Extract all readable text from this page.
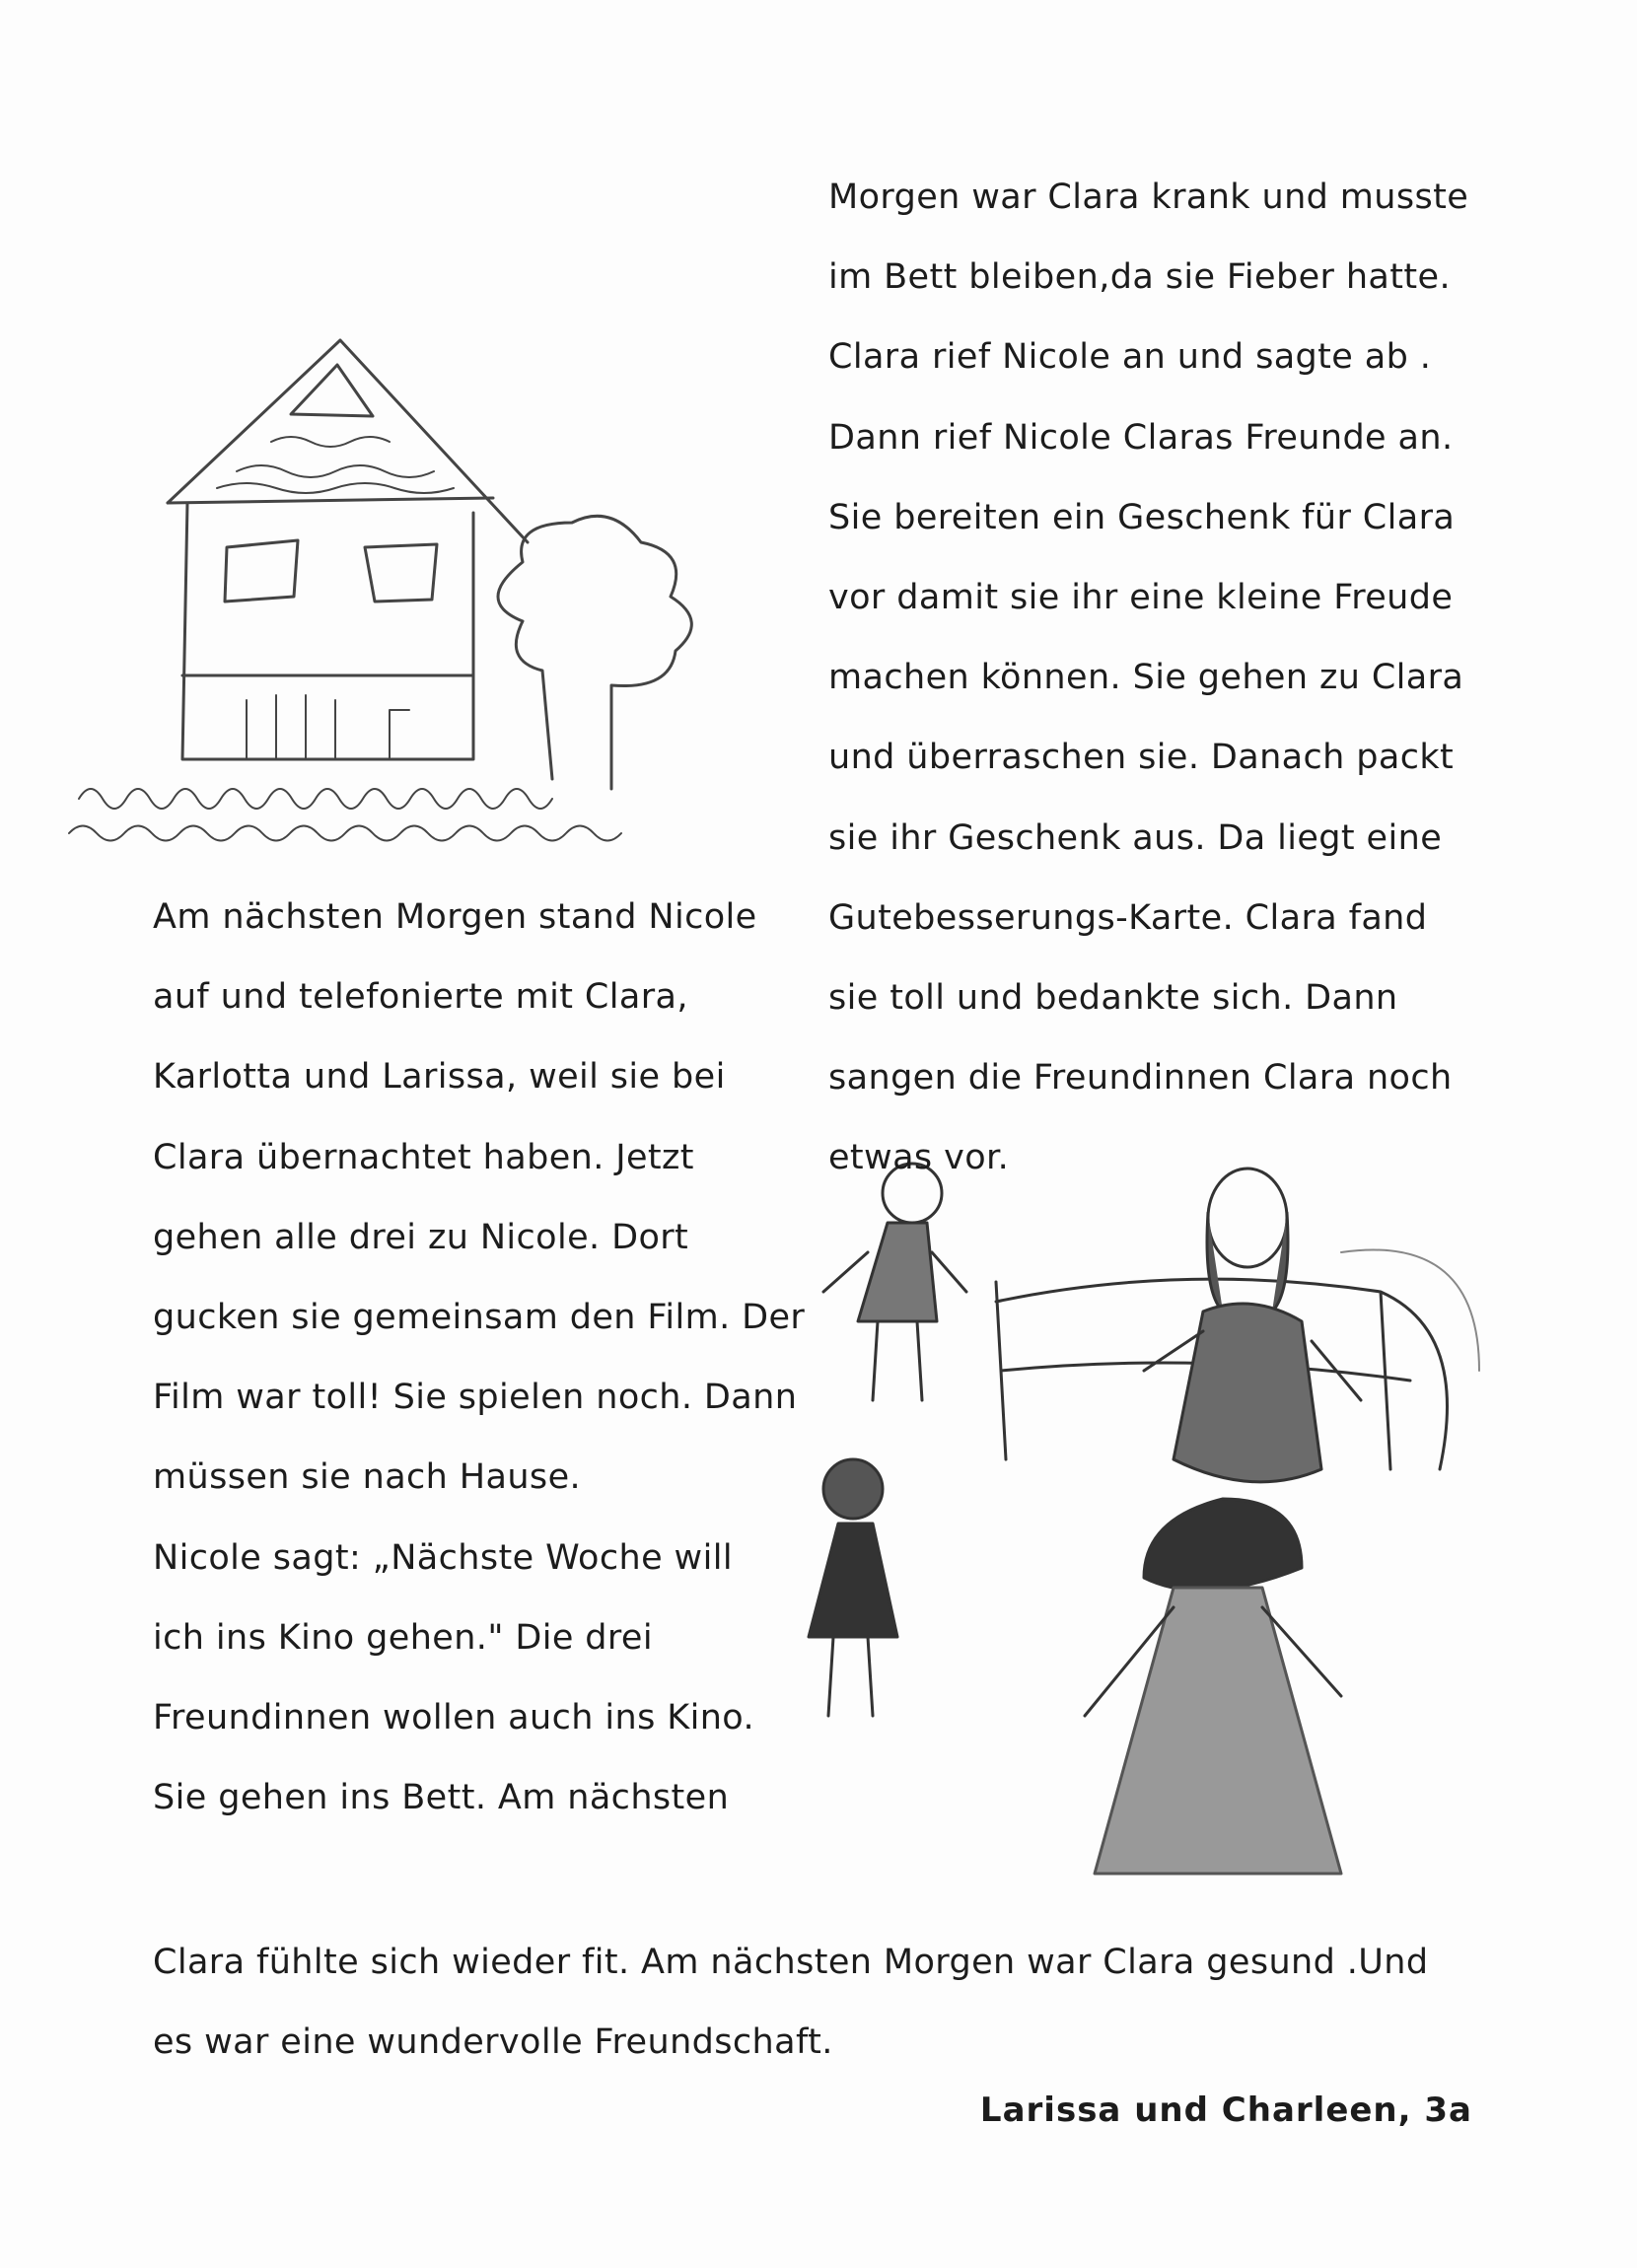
Morgen war Clara krank und musste
im Bett bleiben,da sie Fieber hatte.
Clara rief Nicole an und sagte ab .
Dann rief Nicole Claras Freunde an.
Sie bereiten ein Geschenk für Clara
vor damit sie ihr eine kleine Freude
machen können. Sie gehen zu Clara
und überraschen sie. Danach packt
sie ihr Geschenk aus. Da liegt eine
Gutebesserungs-Karte. Clara fand
sie toll und bedankte sich. Dann
sangen die Freundinnen Clara noch
etwas vor.
Am nächsten Morgen stand Nicole
auf und telefonierte mit Clara,
Karlotta und Larissa, weil sie bei
Clara übernachtet haben. Jetzt
gehen alle drei zu Nicole. Dort
gucken sie gemeinsam den Film. Der
Film war toll! Sie spielen noch. Dann
müssen sie nach Hause.
Nicole sagt: „Nächste Woche will
ich ins Kino gehen." Die drei
Freundinnen wollen auch ins Kino.
Sie gehen ins Bett. Am nächsten
Clara fühlte sich wieder fit. Am nächsten Morgen war Clara gesund .Und
es war eine wundervolle Freundschaft.
Larissa und Charleen, 3a
